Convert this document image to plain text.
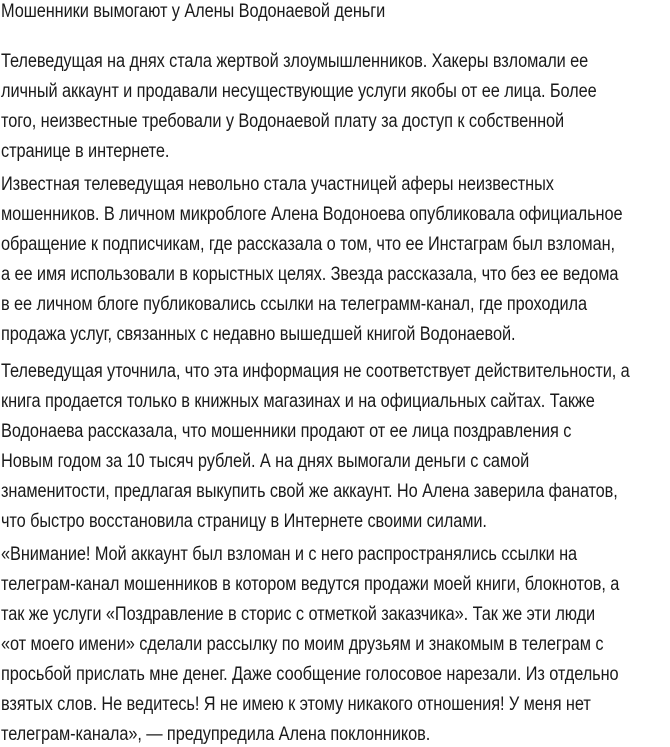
Мошенники вымогают у Алены Водонаевой деньги
Телеведущая на днях стала жертвой злоумышленников. Хакеры взломали ее
личный аккаунт и продавали несуществующие услуги якобы от ее лица. Более
того, неизвестные требовали у Водонаевой плату за доступ к собственной
странице в интернете.
Известная телеведущая невольно стала участницей аферы неизвестных
мошенников. В личном микроблоге Алена Водоноева опубликовала официальное
обращение к подписчикам, где рассказала о том, что ее Инстаграм был взломан,
а ее имя использовали в корыстных целях. Звезда рассказала, что без ее ведома
в ее личном блоге публиковались ссылки на телеграмм-канал, где проходила
продажа услуг, связанных с недавно вышедшей книгой Водонаевой.
Телеведущая уточнила, что эта информация не соответствует действительности, а
книга продается только в книжных магазинах и на официальных сайтах. Также
Водонаева рассказала, что мошенники продают от ее лица поздравления с
Новым годом за 10 тысяч рублей. А на днях вымогали деньги с самой
знаменитости, предлагая выкупить свой же аккаунт. Но Алена заверила фанатов,
что быстро восстановила страницу в Интернете своими силами.
«Внимание! Мой аккаунт был взломан и с него распространялись ссылки на
телеграм-канал мошенников в котором ведутся продажи моей книги, блокнотов, а
так же услуги «Поздравление в сторис с отметкой заказчика». Так же эти люди
«от моего имени» сделали рассылку по моим друзьям и знакомым в телеграм с
просьбой прислать мне денег. Даже сообщение голосовое нарезали. Из отдельно
взятых слов. Не ведитесь! Я не имею к этому никакого отношения! У меня нет
телеграм-канала», — предупредила Алена поклонников.
